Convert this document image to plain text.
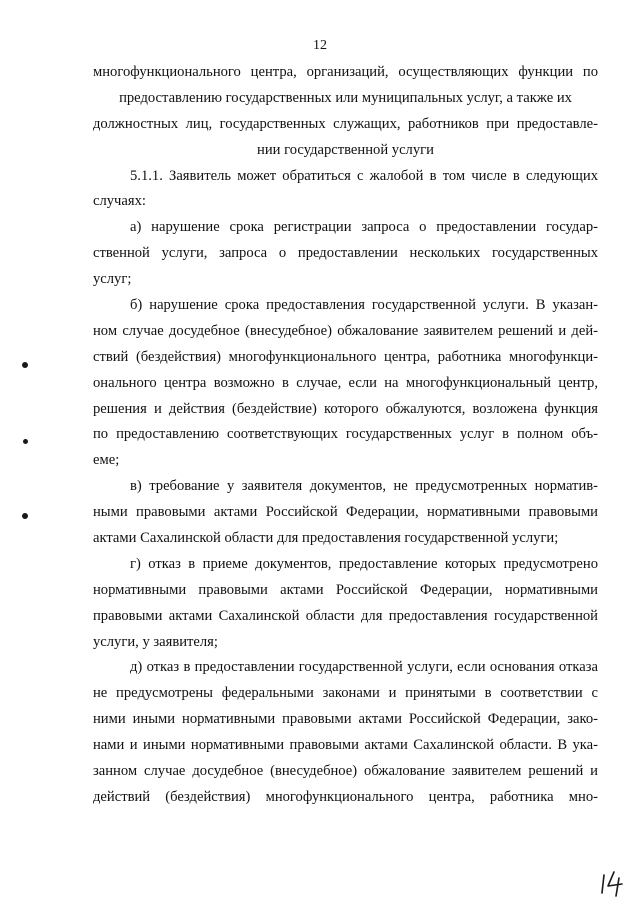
12
многофункционального центра, организаций, осуществляющих функции по
предоставлению государственных или муниципальных услуг, а также их
должностных лиц, государственных служащих, работников при предоставле-
нии государственной услуги
5.1.1. Заявитель может обратиться с жалобой в том числе в следующих
случаях:
а) нарушение срока регистрации запроса о предоставлении государ-
ственной услуги, запроса о предоставлении нескольких государственных
услуг;
б) нарушение срока предоставления государственной услуги. В указан-
ном случае досудебное (внесудебное) обжалование заявителем решений и дей-
ствий (бездействия) многофункционального центра, работника многофункци-
онального центра возможно в случае, если на многофункциональный центр,
решения и действия (бездействие) которого обжалуются, возложена функция
по предоставлению соответствующих государственных услуг в полном объ-
еме;
в) требование у заявителя документов, не предусмотренных норматив-
ными правовыми актами Российской Федерации, нормативными правовыми
актами Сахалинской области для предоставления государственной услуги;
г) отказ в приеме документов, предоставление которых предусмотрено
нормативными правовыми актами Российской Федерации, нормативными
правовыми актами Сахалинской области для предоставления государственной
услуги, у заявителя;
д) отказ в предоставлении государственной услуги, если основания отказа
не предусмотрены федеральными законами и принятыми в соответствии с
ними иными нормативными правовыми актами Российской Федерации, зако-
нами и иными нормативными правовыми актами Сахалинской области. В ука-
занном случае досудебное (внесудебное) обжалование заявителем решений и
действий (бездействия) многофункционального центра, работника мно-
